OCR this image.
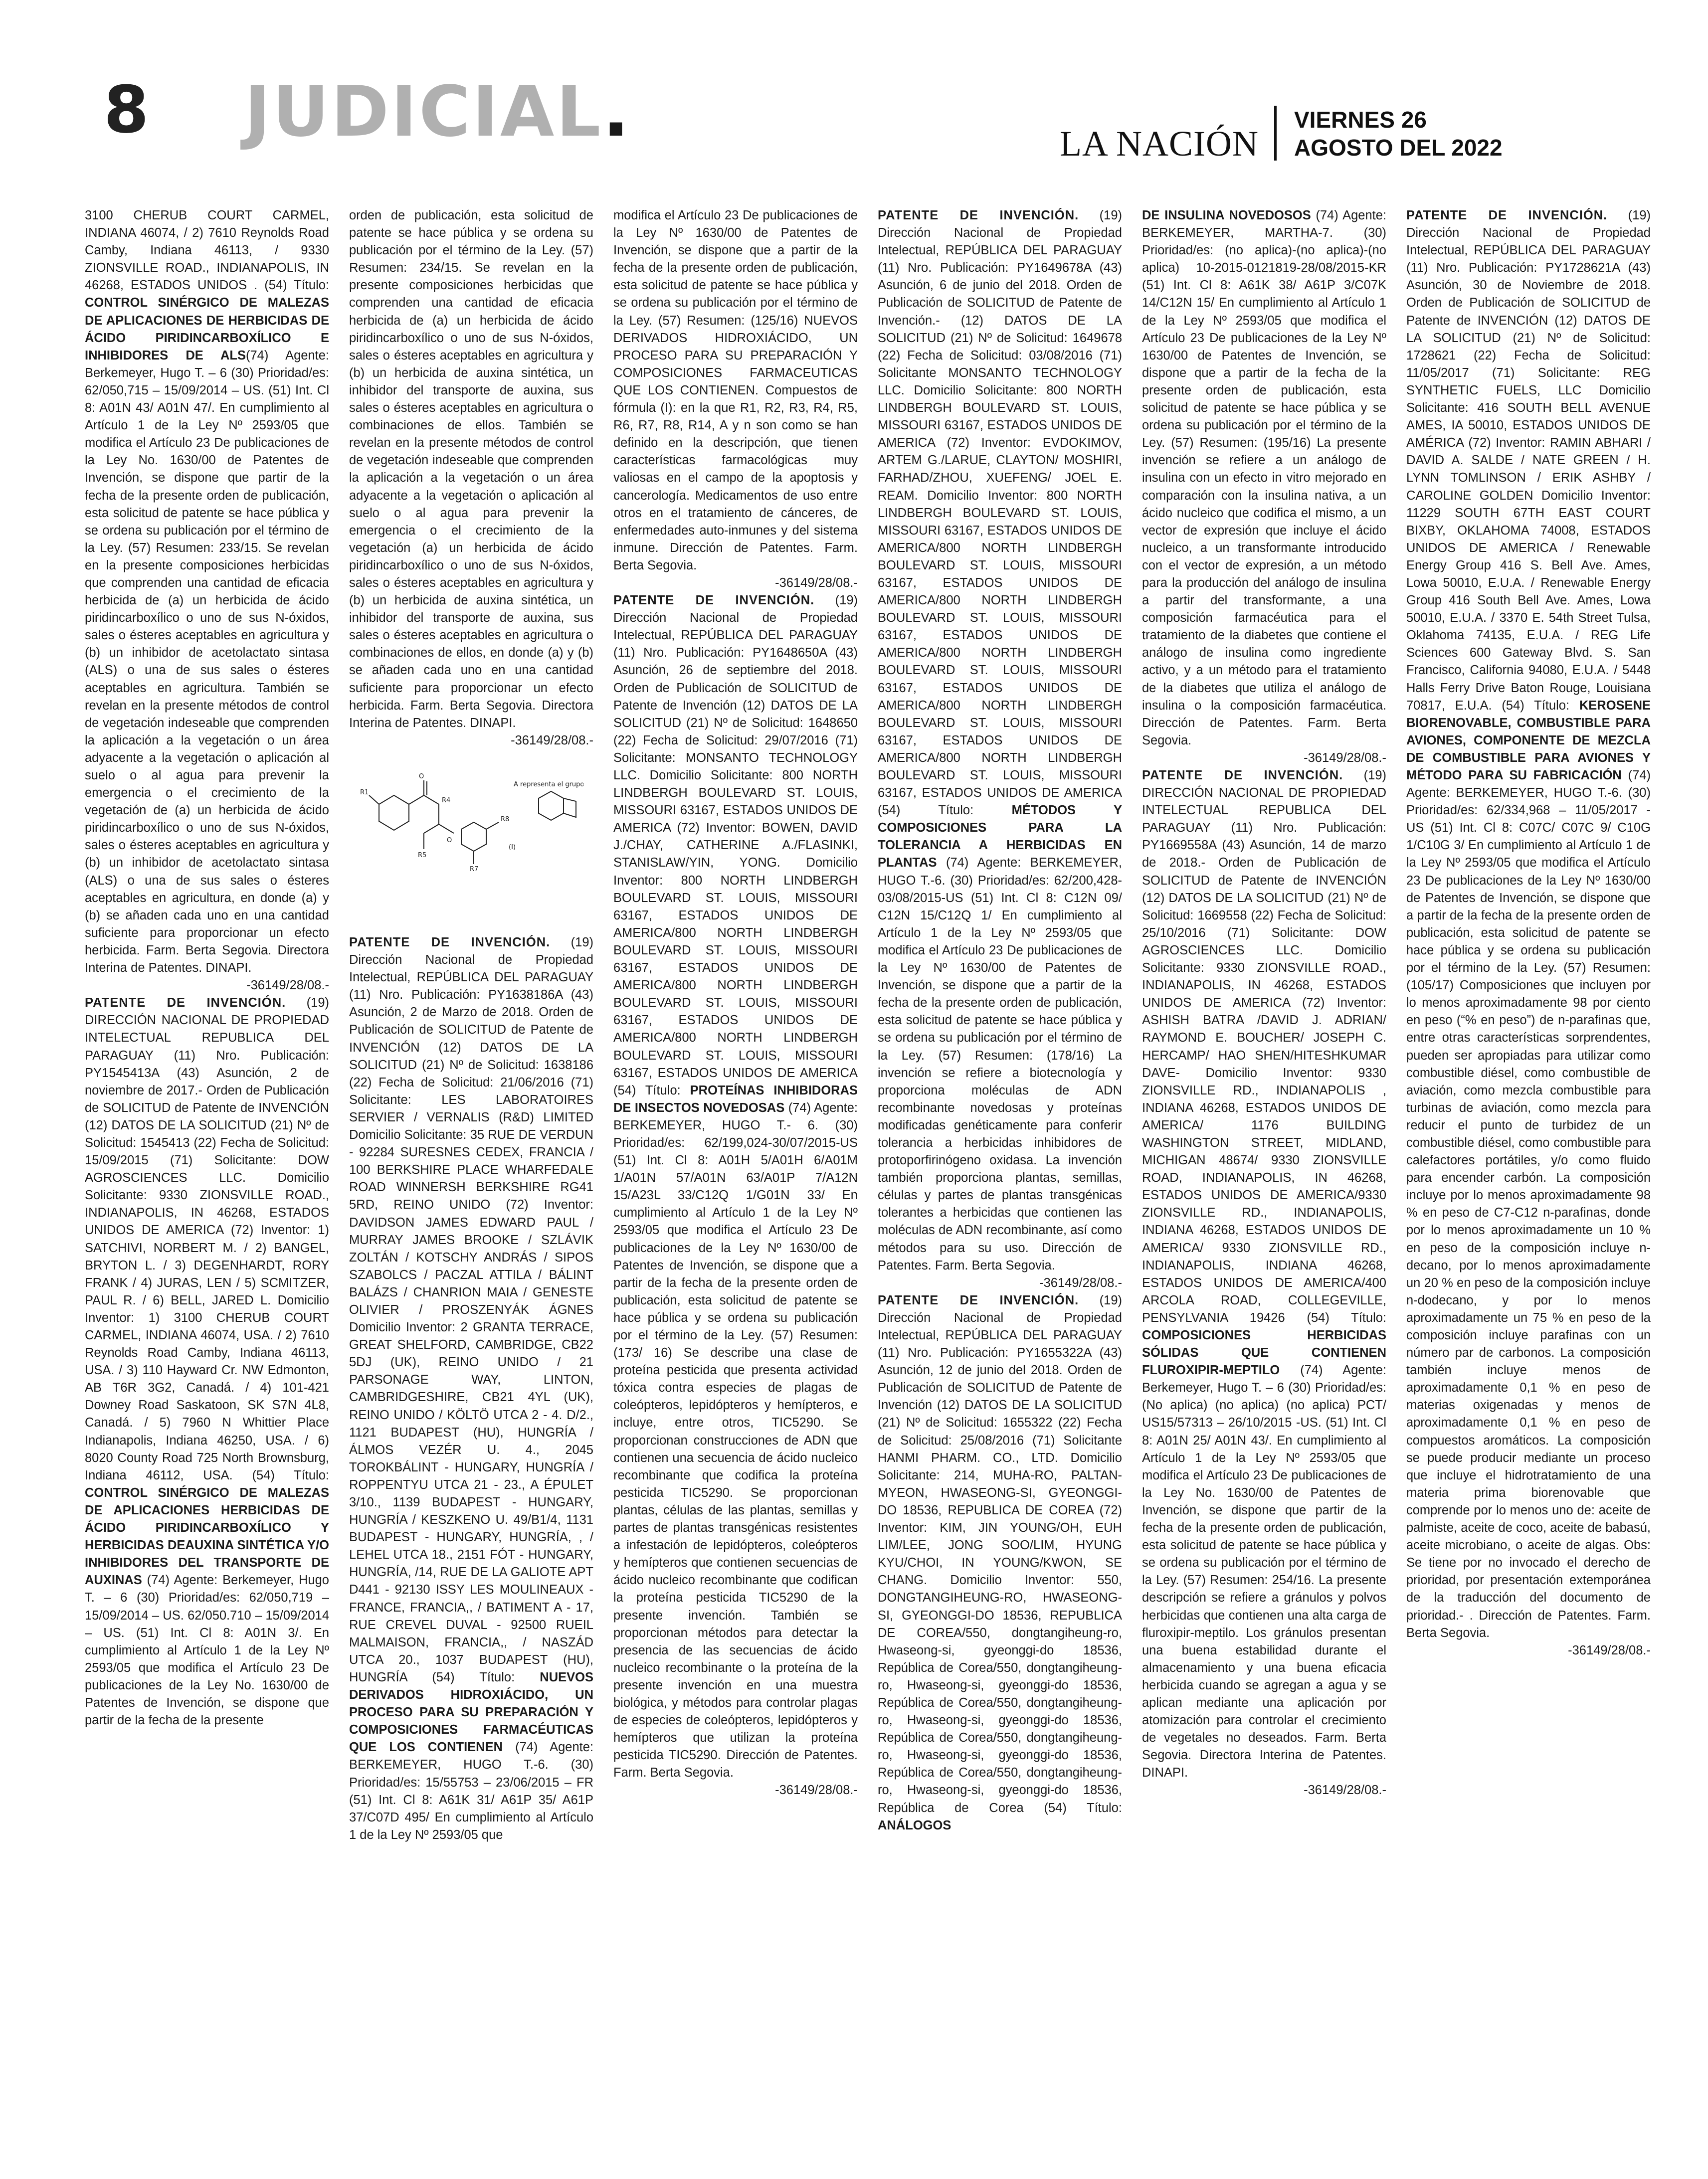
8 JUDICIAL.	LA NACIÓN
VIERNES 26
AGOSTO DEL 2022

3100 CHERUB COURT CARMEL, INDIANA 46074, / 2) 7610 Reynolds Road Camby, Indiana 46113, / 9330 ZIONSVILLE ROAD., INDIANAPOLIS, IN 46268, ESTADOS UNIDOS . (54) Título: CONTROL SINÉRGICO DE MALEZAS DE APLICACIONES DE HERBICIDAS DE ÁCIDO PIRIDINCARBOXÍLICO E INHIBIDORES DE ALS(74) Agente: Berkemeyer, Hugo T. – 6 (30) Prioridad/es: 62/050,715 – 15/09/2014 – US. (51) Int. Cl 8: A01N 43/ A01N 47/. En cumplimiento al Artículo 1 de la Ley Nº 2593/05 que modifica el Artículo 23 De publicaciones de la Ley No. 1630/00 de Patentes de Invención, se dispone que partir de la fecha de la presente orden de publicación, esta solicitud de patente se hace pública y se ordena su publicación por el término de la Ley. (57) Resumen: 233/15. Se revelan en la presente composiciones herbicidas que comprenden una cantidad de eficacia herbicida de (a) un herbicida de ácido piridincarboxílico o uno de sus N-óxidos, sales o ésteres aceptables en agricultura y (b) un inhibidor de acetolactato sintasa (ALS) o una de sus sales o ésteres aceptables en agricultura. También se revelan en la presente métodos de control de vegetación indeseable que comprenden la aplicación a la vegetación o un área adyacente a la vegetación o aplicación al suelo o al agua para prevenir la emergencia o el crecimiento de la vegetación de (a) un herbicida de ácido piridincarboxílico o uno de sus N-óxidos, sales o ésteres aceptables en agricultura y (b) un inhibidor de acetolactato sintasa (ALS) o una de sus sales o ésteres aceptables en agricultura, en donde (a) y (b) se añaden cada uno en una cantidad suficiente para proporcionar un efecto herbicida. Farm. Berta Segovia. Directora Interina de Patentes. DINAPI.
-36149/28/08.-

PATENTE DE INVENCIÓN. (19) DIRECCIÓN NACIONAL DE PROPIEDAD INTELECTUAL REPUBLICA DEL PARAGUAY (11) Nro. Publicación: PY1545413A (43) Asunción, 2 de noviembre de 2017.- Orden de Publicación de SOLICITUD de Patente de INVENCIÓN (12) DATOS DE LA SOLICITUD (21) Nº de Solicitud: 1545413 (22) Fecha de Solicitud: 15/09/2015 (71) Solicitante: DOW AGROSCIENCES LLC. Domicilio Solicitante: 9330 ZIONSVILLE ROAD., INDIANAPOLIS, IN 46268, ESTADOS UNIDOS DE AMERICA (72) Inventor: 1) SATCHIVI, NORBERT M. / 2) BANGEL, BRYTON L. / 3) DEGENHARDT, RORY FRANK / 4) JURAS, LEN / 5) SCMITZER, PAUL R. / 6) BELL, JARED L. Domicilio Inventor: 1) 3100 CHERUB COURT CARMEL, INDIANA 46074, USA. / 2) 7610 Reynolds Road Camby, Indiana 46113, USA. / 3) 110 Hayward Cr. NW Edmonton, AB T6R 3G2, Canadá. / 4) 101-421 Downey Road Saskatoon, SK S7N 4L8, Canadá. / 5) 7960 N Whittier Place Indianapolis, Indiana 46250, USA. / 6) 8020 County Road 725 North Brownsburg, Indiana 46112, USA. (54) Título: CONTROL SINÉRGICO DE MALEZAS DE APLICACIONES HERBICIDAS DE ÁCIDO PIRIDINCARBOXÍLICO Y HERBICIDAS DEAUXINA SINTÉTICA Y/O INHIBIDORES DEL TRANSPORTE DE AUXINAS (74) Agente: Berkemeyer, Hugo T. – 6 (30) Prioridad/es: 62/050,719 – 15/09/2014 – US. 62/050.710 – 15/09/2014 – US. (51) Int. Cl 8: A01N 3/. En cumplimiento al Artículo 1 de la Ley Nº 2593/05 que modifica el Artículo 23 De publicaciones de la Ley No. 1630/00 de Patentes de Invención, se dispone que partir de la fecha de la presente

orden de publicación, esta solicitud de patente se hace pública y se ordena su publicación por el término de la Ley. (57) Resumen: 234/15. Se revelan en la presente composiciones herbicidas que comprenden una cantidad de eficacia herbicida de (a) un herbicida de ácido piridincarboxílico o uno de sus N-óxidos, sales o ésteres aceptables en agricultura y (b) un herbicida de auxina sintética, un inhibidor del transporte de auxina, sus sales o ésteres aceptables en agricultura o combinaciones de ellos. También se revelan en la presente métodos de control de vegetación indeseable que comprenden la aplicación a la vegetación o un área adyacente a la vegetación o aplicación al suelo o al agua para prevenir la emergencia o el crecimiento de la vegetación (a) un herbicida de ácido piridincarboxílico o uno de sus N-óxidos, sales o ésteres aceptables en agricultura y (b) un herbicida de auxina sintética, un inhibidor del transporte de auxina, sus sales o ésteres aceptables en agricultura o combinaciones de ellos, en donde (a) y (b) se añaden cada uno en una cantidad suficiente para proporcionar un efecto herbicida. Farm. Berta Segovia. Directora Interina de Patentes. DINAPI.
-36149/28/08.-

R1
O
R4
R5
O
R7
R8
(I)
A representa el grupo

PATENTE DE INVENCIÓN. (19) Dirección Nacional de Propiedad Intelectual, REPÚBLICA DEL PARAGUAY (11) Nro. Publicación: PY1638186A (43) Asunción, 2 de Marzo de 2018. Orden de Publicación de SOLICITUD de Patente de INVENCIÓN (12) DATOS DE LA SOLICITUD (21) Nº de Solicitud: 1638186 (22) Fecha de Solicitud: 21/06/2016 (71) Solicitante: LES LABORATOIRES SERVIER / VERNALIS (R&D) LIMITED Domicilio Solicitante: 35 RUE DE VERDUN - 92284 SURESNES CEDEX, FRANCIA / 100 BERKSHIRE PLACE WHARFEDALE ROAD WINNERSH BERKSHIRE RG41 5RD, REINO UNIDO (72) Inventor: DAVIDSON JAMES EDWARD PAUL / MURRAY JAMES BROOKE / SZLÁVIK ZOLTÁN / KOTSCHY ANDRÁS / SIPOS SZABOLCS / PACZAL ATTILA / BÁLINT BALÁZS / CHANRION MAIA / GENESTE OLIVIER / PROSZENYÁK ÁGNES Domicilio Inventor: 2 GRANTA TERRACE, GREAT SHELFORD, CAMBRIDGE, CB22 5DJ (UK), REINO UNIDO / 21 PARSONAGE WAY, LINTON, CAMBRIDGESHIRE, CB21 4YL (UK), REINO UNIDO / KÖLTÖ UTCA 2 - 4. D/2., 1121 BUDAPEST (HU), HUNGRÍA / ÁLMOS VEZÉR U. 4., 2045 TOROKBÁLINT - HUNGARY, HUNGRÍA / ROPPENTYU UTCA 21 - 23., A ÉPULET 3/10., 1139 BUDAPEST - HUNGARY, HUNGRÍA / KESZKENO U. 49/B1/4, 1131 BUDAPEST - HUNGARY, HUNGRÍA, , / LEHEL UTCA 18., 2151 FÓT - HUNGARY, HUNGRÍA, /14, RUE DE LA GALIOTE APT D441 - 92130 ISSY LES MOULINEAUX - FRANCE, FRANCIA,, / BATIMENT A - 17, RUE CREVEL DUVAL - 92500 RUEIL MALMAISON, FRANCIA,, / NASZÁD UTCA 20., 1037 BUDAPEST (HU), HUNGRÍA (54) Título: NUEVOS DERIVADOS HIDROXIÁCIDO, UN PROCESO PARA SU PREPARACIÓN Y COMPOSICIONES FARMACÉUTICAS QUE LOS CONTIENEN (74) Agente: BERKEMEYER, HUGO T.-6. (30) Prioridad/es: 15/55753 – 23/06/2015 – FR (51) Int. Cl 8: A61K 31/ A61P 35/ A61P 37/C07D 495/ En cumplimiento al Artículo 1 de la Ley Nº 2593/05 que

modifica el Artículo 23 De publicaciones de la Ley Nº 1630/00 de Patentes de Invención, se dispone que a partir de la fecha de la presente orden de publicación, esta solicitud de patente se hace pública y se ordena su publicación por el término de la Ley. (57) Resumen: (125/16) NUEVOS DERIVADOS HIDROXIÁCIDO, UN PROCESO PARA SU PREPARACIÓN Y COMPOSICIONES FARMACEUTICAS QUE LOS CONTIENEN. Compuestos de fórmula (I): en la que R1, R2, R3, R4, R5, R6, R7, R8, R14, A y n son como se han definido en la descripción, que tienen características farmacológicas muy valiosas en el campo de la apoptosis y cancerología. Medicamentos de uso entre otros en el tratamiento de cánceres, de enfermedades auto-inmunes y del sistema inmune. Dirección de Patentes. Farm. Berta Segovia.
-36149/28/08.-

PATENTE DE INVENCIÓN. (19) Dirección Nacional de Propiedad Intelectual, REPÚBLICA DEL PARAGUAY (11) Nro. Publicación: PY1648650A (43) Asunción, 26 de septiembre del 2018. Orden de Publicación de SOLICITUD de Patente de Invención (12) DATOS DE LA SOLICITUD (21) Nº de Solicitud: 1648650 (22) Fecha de Solicitud: 29/07/2016 (71) Solicitante: MONSANTO TECHNOLOGY LLC. Domicilio Solicitante: 800 NORTH LINDBERGH BOULEVARD ST. LOUIS, MISSOURI 63167, ESTADOS UNIDOS DE AMERICA (72) Inventor: BOWEN, DAVID J./CHAY, CATHERINE A./FLASINKI, STANISLAW/YIN, YONG. Domicilio Inventor: 800 NORTH LINDBERGH BOULEVARD ST. LOUIS, MISSOURI 63167, ESTADOS UNIDOS DE AMERICA/800 NORTH LINDBERGH BOULEVARD ST. LOUIS, MISSOURI 63167, ESTADOS UNIDOS DE AMERICA/800 NORTH LINDBERGH BOULEVARD ST. LOUIS, MISSOURI 63167, ESTADOS UNIDOS DE AMERICA/800 NORTH LINDBERGH BOULEVARD ST. LOUIS, MISSOURI 63167, ESTADOS UNIDOS DE AMERICA (54) Título: PROTEÍNAS INHIBIDORAS DE INSECTOS NOVEDOSAS (74) Agente: BERKEMEYER, HUGO T.- 6. (30) Prioridad/es: 62/199,024-30/07/2015-US (51) Int. Cl 8: A01H 5/A01H 6/A01M 1/A01N 57/A01N 63/A01P 7/A12N 15/A23L 33/C12Q 1/G01N 33/ En cumplimiento al Artículo 1 de la Ley Nº 2593/05 que modifica el Artículo 23 De publicaciones de la Ley Nº 1630/00 de Patentes de Invención, se dispone que a partir de la fecha de la presente orden de publicación, esta solicitud de patente se hace pública y se ordena su publicación por el término de la Ley. (57) Resumen: (173/ 16) Se describe una clase de proteína pesticida que presenta actividad tóxica contra especies de plagas de coleópteros, lepidópteros y hemípteros, e incluye, entre otros, TIC5290. Se proporcionan construcciones de ADN que contienen una secuencia de ácido nucleico recombinante que codifica la proteína pesticida TIC5290. Se proporcionan plantas, células de las plantas, semillas y partes de plantas transgénicas resistentes a infestación de lepidópteros, coleópteros y hemípteros que contienen secuencias de ácido nucleico recombinante que codifican la proteína pesticida TIC5290 de la presente invención. También se proporcionan métodos para detectar la presencia de las secuencias de ácido nucleico recombinante o la proteína de la presente invención en una muestra biológica, y métodos para controlar plagas de especies de coleópteros, lepidópteros y hemípteros que utilizan la proteína pesticida TIC5290. Dirección de Patentes. Farm. Berta Segovia.
-36149/28/08.-

PATENTE DE INVENCIÓN. (19) Dirección Nacional de Propiedad Intelectual, REPÚBLICA DEL PARAGUAY (11) Nro. Publicación: PY1649678A (43) Asunción, 6 de junio del 2018. Orden de Publicación de SOLICITUD de Patente de Invención.- (12) DATOS DE LA SOLICITUD (21) Nº de Solicitud: 1649678 (22) Fecha de Solicitud: 03/08/2016 (71) Solicitante MONSANTO TECHNOLOGY LLC. Domicilio Solicitante: 800 NORTH LINDBERGH BOULEVARD ST. LOUIS, MISSOURI 63167, ESTADOS UNIDOS DE AMERICA (72) Inventor: EVDOKIMOV, ARTEM G./LARUE, CLAYTON/ MOSHIRI, FARHAD/ZHOU, XUEFENG/ JOEL E. REAM. Domicilio Inventor: 800 NORTH LINDBERGH BOULEVARD ST. LOUIS, MISSOURI 63167, ESTADOS UNIDOS DE AMERICA/800 NORTH LINDBERGH BOULEVARD ST. LOUIS, MISSOURI 63167, ESTADOS UNIDOS DE AMERICA/800 NORTH LINDBERGH BOULEVARD ST. LOUIS, MISSOURI 63167, ESTADOS UNIDOS DE AMERICA/800 NORTH LINDBERGH BOULEVARD ST. LOUIS, MISSOURI 63167, ESTADOS UNIDOS DE AMERICA/800 NORTH LINDBERGH BOULEVARD ST. LOUIS, MISSOURI 63167, ESTADOS UNIDOS DE AMERICA/800 NORTH LINDBERGH BOULEVARD ST. LOUIS, MISSOURI 63167, ESTADOS UNIDOS DE AMERICA (54) Título: MÉTODOS Y COMPOSICIONES PARA LA TOLERANCIA A HERBICIDAS EN PLANTAS (74) Agente: BERKEMEYER, HUGO T.-6. (30) Prioridad/es: 62/200,428-03/08/2015-US (51) Int. Cl 8: C12N 09/ C12N 15/C12Q 1/ En cumplimiento al Artículo 1 de la Ley Nº 2593/05 que modifica el Artículo 23 De publicaciones de la Ley Nº 1630/00 de Patentes de Invención, se dispone que a partir de la fecha de la presente orden de publicación, esta solicitud de patente se hace pública y se ordena su publicación por el término de la Ley. (57) Resumen: (178/16) La invención se refiere a biotecnología y proporciona moléculas de ADN recombinante novedosas y proteínas modificadas genéticamente para conferir tolerancia a herbicidas inhibidores de protoporfirinógeno oxidasa. La invención también proporciona plantas, semillas, células y partes de plantas transgénicas tolerantes a herbicidas que contienen las moléculas de ADN recombinante, así como métodos para su uso. Dirección de Patentes. Farm. Berta Segovia.
-36149/28/08.-

PATENTE DE INVENCIÓN. (19) Dirección Nacional de Propiedad Intelectual, REPÚBLICA DEL PARAGUAY (11) Nro. Publicación: PY1655322A (43) Asunción, 12 de junio del 2018. Orden de Publicación de SOLICITUD de Patente de Invención (12) DATOS DE LA SOLICITUD (21) Nº de Solicitud: 1655322 (22) Fecha de Solicitud: 25/08/2016 (71) Solicitante HANMI PHARM. CO., LTD. Domicilio Solicitante: 214, MUHA-RO, PALTAN-MYEON, HWASEONG-SI, GYEONGGI-DO 18536, REPUBLICA DE COREA (72) Inventor: KIM, JIN YOUNG/OH, EUH LIM/LEE, JONG SOO/LIM, HYUNG KYU/CHOI, IN YOUNG/KWON, SE CHANG. Domicilio Inventor: 550, DONGTANGIHEUNG-RO, HWASEONG-SI, GYEONGGI-DO 18536, REPUBLICA DE COREA/550, dongtangiheung-ro, Hwaseong-si, gyeonggi-do 18536, República de Corea/550, dongtangiheung-ro, Hwaseong-si, gyeonggi-do 18536, República de Corea/550, dongtangiheung-ro, Hwaseong-si, gyeonggi-do 18536, República de Corea/550, dongtangiheung-ro, Hwaseong-si, gyeonggi-do 18536, República de Corea/550, dongtangiheung-ro, Hwaseong-si, gyeonggi-do 18536, República de Corea (54) Título: ANÁLOGOS

DE INSULINA NOVEDOSOS (74) Agente: BERKEMEYER, MARTHA-7. (30) Prioridad/es: (no aplica)-(no aplica)-(no aplica) 10-2015-0121819-28/08/2015-KR (51) Int. Cl 8: A61K 38/ A61P 3/C07K 14/C12N 15/ En cumplimiento al Artículo 1 de la Ley Nº 2593/05 que modifica el Artículo 23 De publicaciones de la Ley Nº 1630/00 de Patentes de Invención, se dispone que a partir de la fecha de la presente orden de publicación, esta solicitud de patente se hace pública y se ordena su publicación por el término de la Ley. (57) Resumen: (195/16) La presente invención se refiere a un análogo de insulina con un efecto in vitro mejorado en comparación con la insulina nativa, a un ácido nucleico que codifica el mismo, a un vector de expresión que incluye el ácido nucleico, a un transformante introducido con el vector de expresión, a un método para la producción del análogo de insulina a partir del transformante, a una composición farmacéutica para el tratamiento de la diabetes que contiene el análogo de insulina como ingrediente activo, y a un método para el tratamiento de la diabetes que utiliza el análogo de insulina o la composición farmacéutica. Dirección de Patentes. Farm. Berta Segovia.
-36149/28/08.-

PATENTE DE INVENCIÓN. (19) DIRECCIÓN NACIONAL DE PROPIEDAD INTELECTUAL REPUBLICA DEL PARAGUAY (11) Nro. Publicación: PY1669558A (43) Asunción, 14 de marzo de 2018.- Orden de Publicación de SOLICITUD de Patente de INVENCIÓN (12) DATOS DE LA SOLICITUD (21) Nº de Solicitud: 1669558 (22) Fecha de Solicitud: 25/10/2016 (71) Solicitante: DOW AGROSCIENCES LLC. Domicilio Solicitante: 9330 ZIONSVILLE ROAD., INDIANAPOLIS, IN 46268, ESTADOS UNIDOS DE AMERICA (72) Inventor: ASHISH BATRA /DAVID J. ADRIAN/ RAYMOND E. BOUCHER/ JOSEPH C. HERCAMP/ HAO SHEN/HITESHKUMAR DAVE- Domicilio Inventor: 9330 ZIONSVILLE RD., INDIANAPOLIS , INDIANA 46268, ESTADOS UNIDOS DE AMERICA/ 1176 BUILDING WASHINGTON STREET, MIDLAND, MICHIGAN 48674/ 9330 ZIONSVILLE ROAD, INDIANAPOLIS, IN 46268, ESTADOS UNIDOS DE AMERICA/9330 ZIONSVILLE RD., INDIANAPOLIS, INDIANA 46268, ESTADOS UNIDOS DE AMERICA/ 9330 ZIONSVILLE RD., INDIANAPOLIS, INDIANA 46268, ESTADOS UNIDOS DE AMERICA/400 ARCOLA ROAD, COLLEGEVILLE, PENSYLVANIA 19426 (54) Título: COMPOSICIONES HERBICIDAS SÓLIDAS QUE CONTIENEN FLUROXIPIR-MEPTILO (74) Agente: Berkemeyer, Hugo T. – 6 (30) Prioridad/es: (No aplica) (no aplica) (no aplica) PCT/ US15/57313 – 26/10/2015 -US. (51) Int. Cl 8: A01N 25/ A01N 43/. En cumplimiento al Artículo 1 de la Ley Nº 2593/05 que modifica el Artículo 23 De publicaciones de la Ley No. 1630/00 de Patentes de Invención, se dispone que partir de la fecha de la presente orden de publicación, esta solicitud de patente se hace pública y se ordena su publicación por el término de la Ley. (57) Resumen: 254/16. La presente descripción se refiere a gránulos y polvos herbicidas que contienen una alta carga de fluroxipir-meptilo. Los gránulos presentan una buena estabilidad durante el almacenamiento y una buena eficacia herbicida cuando se agregan a agua y se aplican mediante una aplicación por atomización para controlar el crecimiento de vegetales no deseados. Farm. Berta Segovia. Directora Interina de Patentes. DINAPI.
-36149/28/08.-

PATENTE DE INVENCIÓN. (19) Dirección Nacional de Propiedad Intelectual, REPÚBLICA DEL PARAGUAY (11) Nro. Publicación: PY1728621A (43) Asunción, 30 de Noviembre de 2018. Orden de Publicación de SOLICITUD de Patente de INVENCIÓN (12) DATOS DE LA SOLICITUD (21) Nº de Solicitud: 1728621 (22) Fecha de Solicitud: 11/05/2017 (71) Solicitante: REG SYNTHETIC FUELS, LLC Domicilio Solicitante: 416 SOUTH BELL AVENUE AMES, IA 50010, ESTADOS UNIDOS DE AMÉRICA (72) Inventor: RAMIN ABHARI / DAVID A. SALDE / NATE GREEN / H. LYNN TOMLINSON / ERIK ASHBY / CAROLINE GOLDEN Domicilio Inventor: 11229 SOUTH 67TH EAST COURT BIXBY, OKLAHOMA 74008, ESTADOS UNIDOS DE AMERICA / Renewable Energy Group 416 S. Bell Ave. Ames, Lowa 50010, E.U.A. / Renewable Energy Group 416 South Bell Ave. Ames, Lowa 50010, E.U.A. / 3370 E. 54th Street Tulsa, Oklahoma 74135, E.U.A. / REG Life Sciences 600 Gateway Blvd. S. San Francisco, California 94080, E.U.A. / 5448 Halls Ferry Drive Baton Rouge, Louisiana 70817, E.U.A. (54) Título: KEROSENE BIORENOVABLE, COMBUSTIBLE PARA AVIONES, COMPONENTE DE MEZCLA DE COMBUSTIBLE PARA AVIONES Y MÉTODO PARA SU FABRICACIÓN (74) Agente: BERKEMEYER, HUGO T.-6. (30) Prioridad/es: 62/334,968 – 11/05/2017 - US (51) Int. Cl 8: C07C/ C07C 9/ C10G 1/C10G 3/ En cumplimiento al Artículo 1 de la Ley Nº 2593/05 que modifica el Artículo 23 De publicaciones de la Ley Nº 1630/00 de Patentes de Invención, se dispone que a partir de la fecha de la presente orden de publicación, esta solicitud de patente se hace pública y se ordena su publicación por el término de la Ley. (57) Resumen: (105/17) Composiciones que incluyen por lo menos aproximadamente 98 por ciento en peso (“% en peso”) de n-parafinas que, entre otras características sorprendentes, pueden ser apropiadas para utilizar como combustible diésel, como combustible de aviación, como mezcla combustible para turbinas de aviación, como mezcla para reducir el punto de turbidez de un combustible diésel, como combustible para calefactores portátiles, y/o como fluido para encender carbón. La composición incluye por lo menos aproximadamente 98 % en peso de C7-C12 n-parafinas, donde por lo menos aproximadamente un 10 % en peso de la composición incluye n-decano, por lo menos aproximadamente un 20 % en peso de la composición incluye n-dodecano, y por lo menos aproximadamente un 75 % en peso de la composición incluye parafinas con un número par de carbonos. La composición también incluye menos de aproximadamente 0,1 % en peso de materias oxigenadas y menos de aproximadamente 0,1 % en peso de compuestos aromáticos. La composición se puede producir mediante un proceso que incluye el hidrotratamiento de una materia prima biorenovable que comprende por lo menos uno de: aceite de palmiste, aceite de coco, aceite de babasú, aceite microbiano, o aceite de algas. Obs: Se tiene por no invocado el derecho de prioridad, por presentación extemporánea de la traducción del documento de prioridad.- . Dirección de Patentes. Farm. Berta Segovia.
-36149/28/08.-
